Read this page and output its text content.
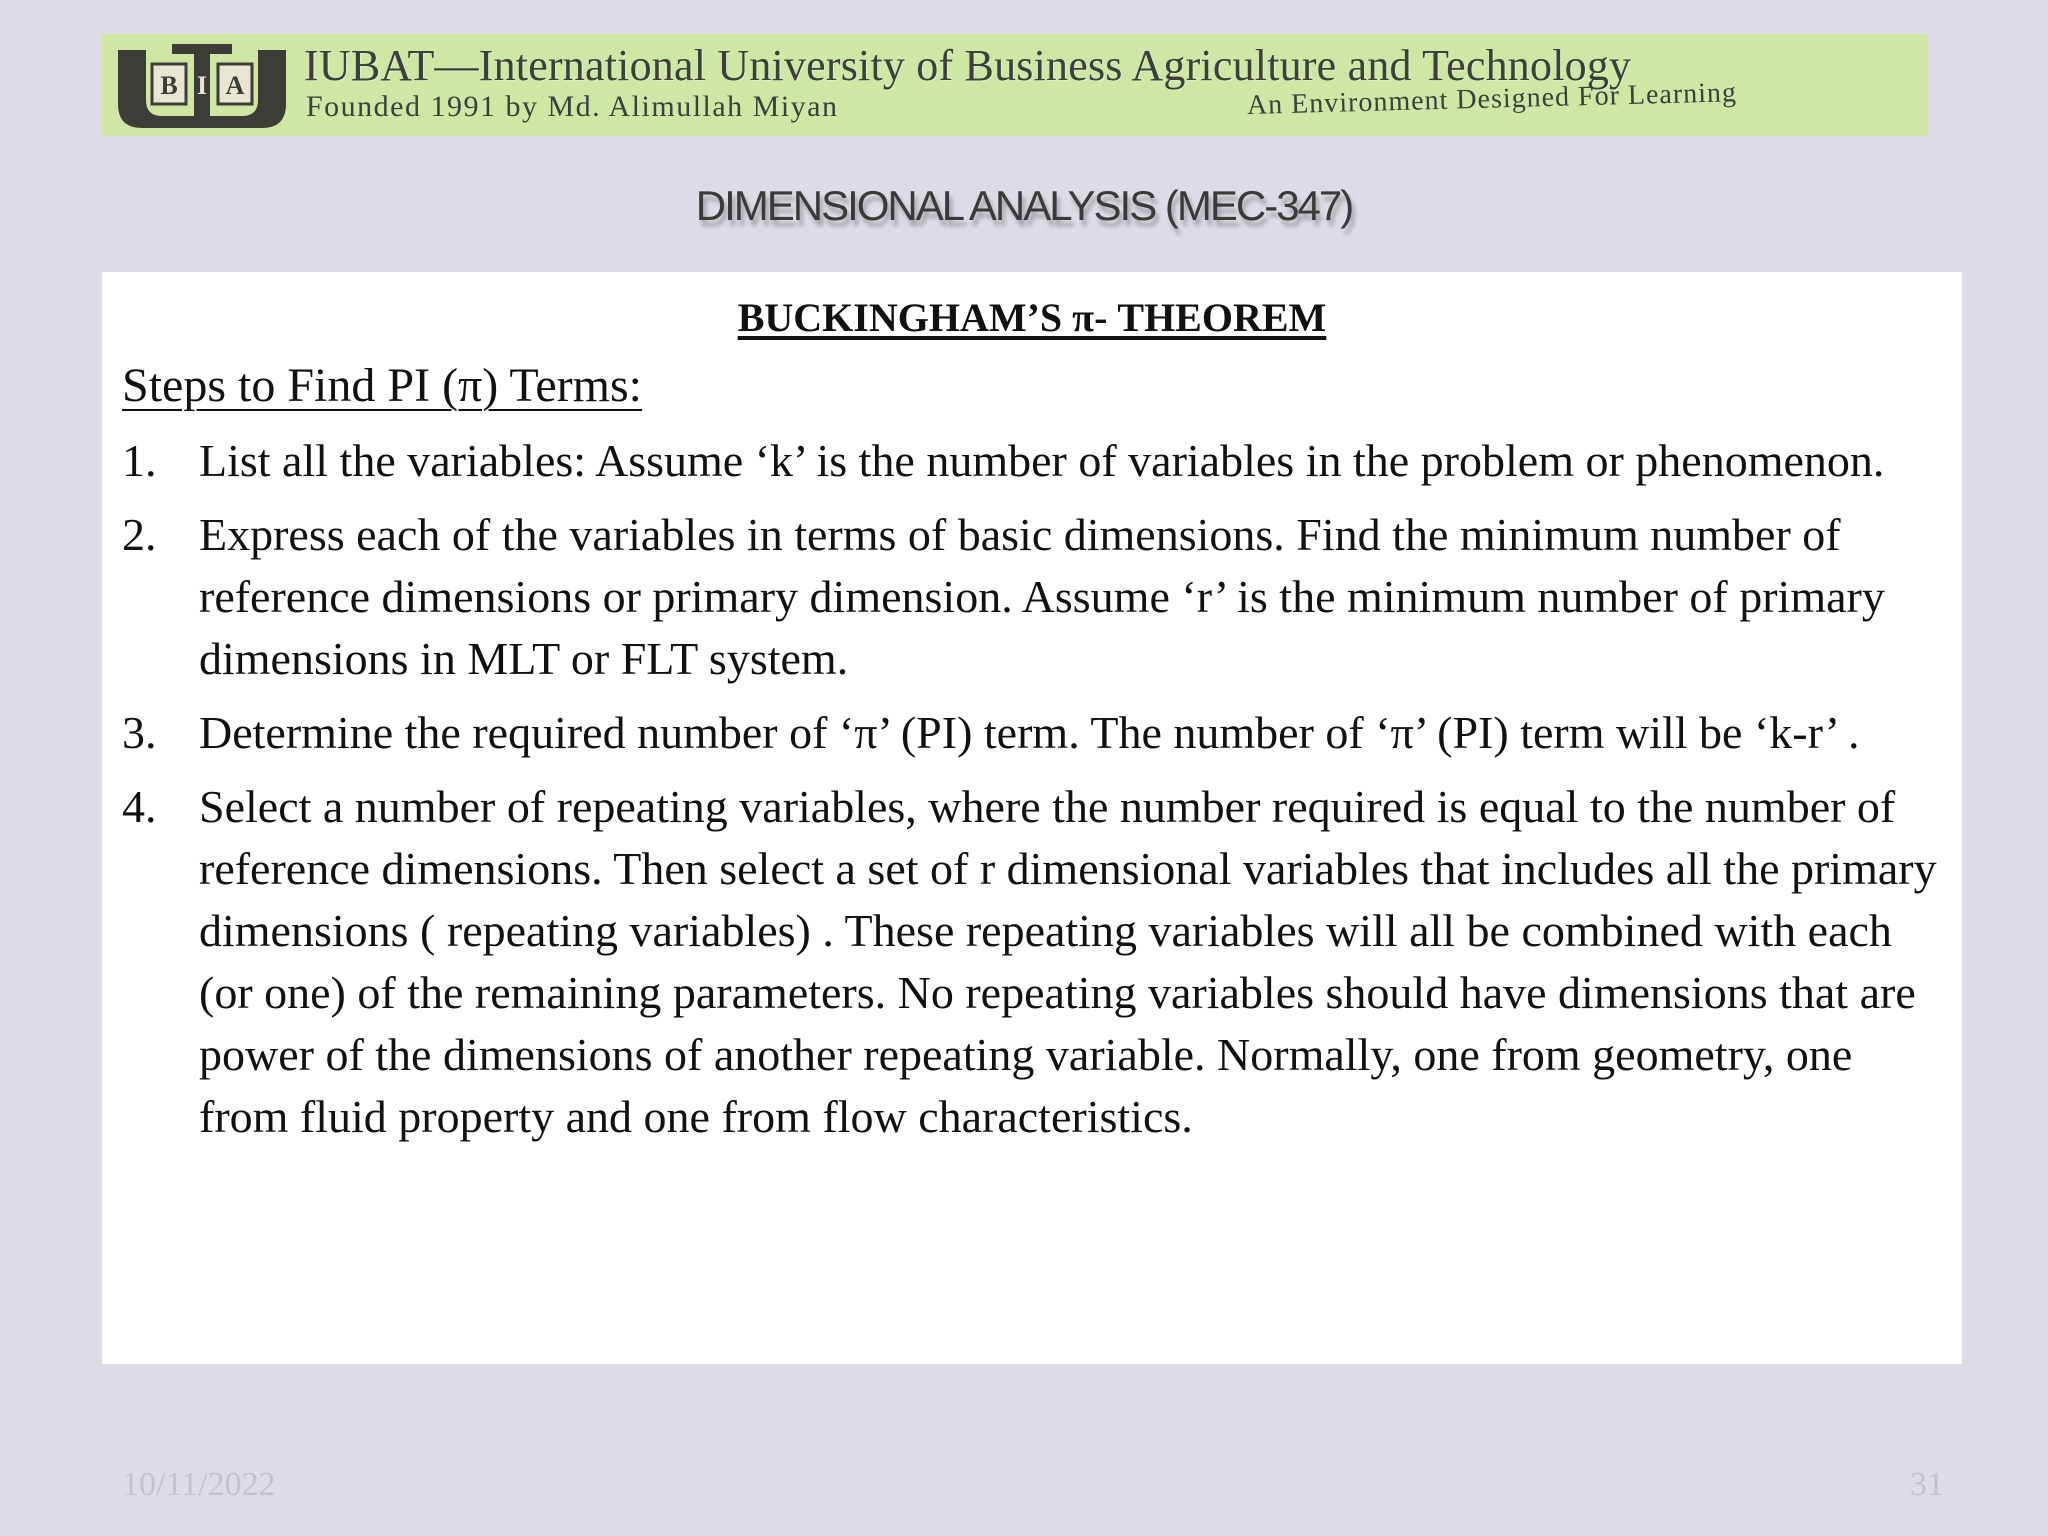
B I A IUBAT—International University of Business Agriculture and Technology
Founded 1991 by Md. Alimullah Miyan	An Environment Designed For Learning
DIMENSIONAL ANALYSIS (MEC-347)
BUCKINGHAM’S π- THEOREM
Steps to Find PI (π) Terms:
1. List all the variables: Assume ‘k’ is the number of variables in the problem or phenomenon.
2. Express each of the variables in terms of basic dimensions. Find the minimum number of reference dimensions or primary dimension. Assume ‘r’ is the minimum number of primary dimensions in MLT or FLT system.
3. Determine the required number of ‘π’ (PI) term. The number of ‘π’ (PI) term will be ‘k-r’ .
4. Select a number of repeating variables, where the number required is equal to the number of reference dimensions. Then select a set of r dimensional variables that includes all the primary dimensions ( repeating variables) . These repeating variables will all be combined with each (or one) of the remaining parameters. No repeating variables should have dimensions that are power of the dimensions of another repeating variable. Normally, one from geometry, one from fluid property and one from flow characteristics.
10/11/2022	31
